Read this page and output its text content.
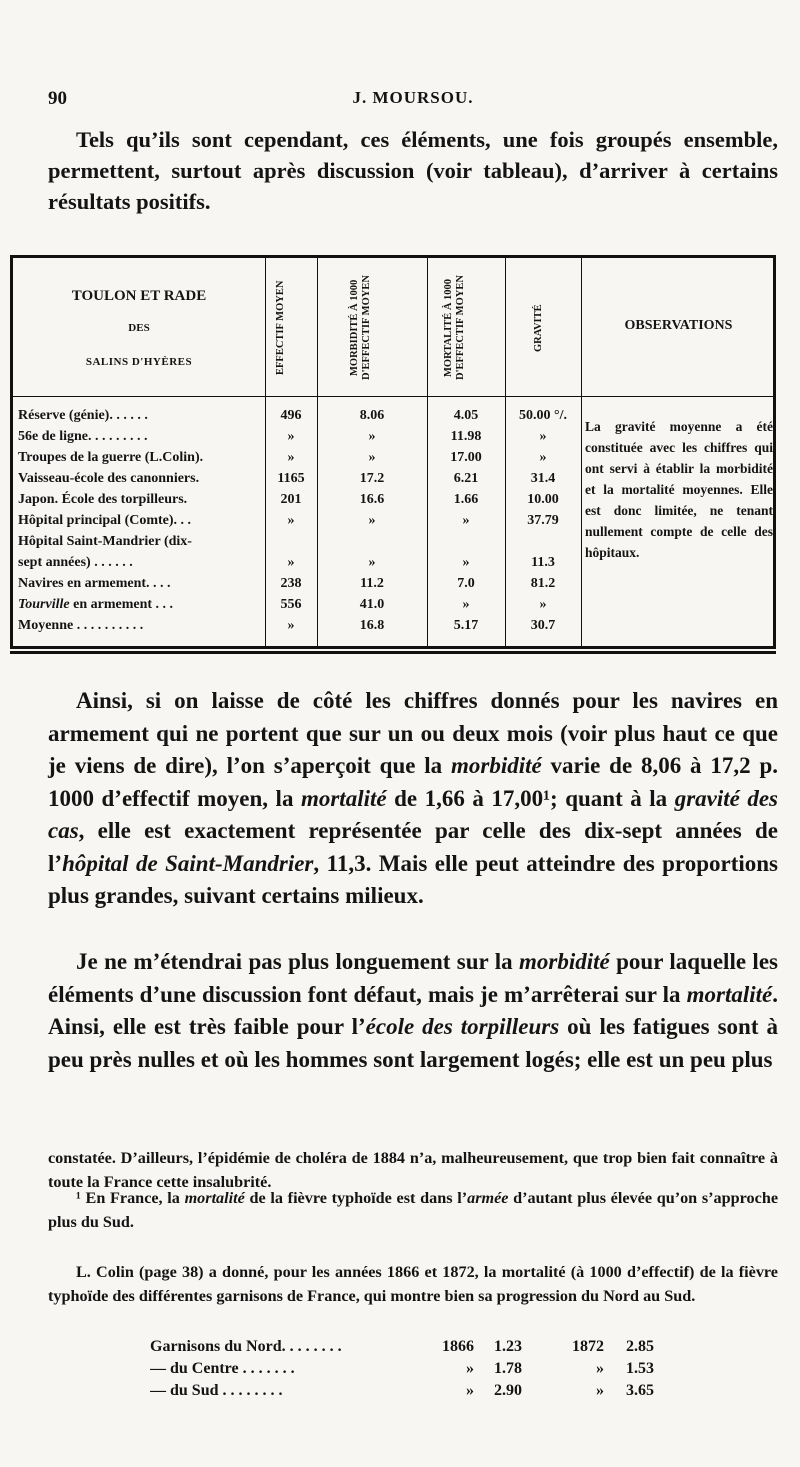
90	J. MOURSOU.
Tels qu’ils sont cependant, ces éléments, une fois groupés ensemble, permettent, surtout après discussion (voir tableau), d’arriver à certains résultats positifs.
TOULON ET RADE
DES
SALINS D'HYÈRES	EFFECTIF MOYEN	MORBIDITÉ À 1000 D'EFFECTIF MOYEN	MORTALITÉ À 1000 D'EFFECTIF MOYEN	GRAVITÉ	OBSERVATIONS
Réserve (génie). . . . . .	496	8.06	4.05	50.00 °/.
56e de ligne. . . . . . . . .	»	»	11.98	»
Troupes de la guerre (L.Colin).	»	»	17.00	»
Vaisseau-école des canonniers.	1165	17.2	6.21	31.4
Japon. École des torpilleurs.	201	16.6	1.66	10.00
Hôpital principal (Comte). . .	»	»	»	37.79
Hôpital Saint-Mandrier (dix-
sept années) . . . . . .	»	»	»	11.3
Navires en armement. . . .	238	11.2	7.0	81.2
Tourville en armement . . .	556	41.0	»	»
Moyenne . . . . . . . . . .	»	16.8	5.17	30.7
La gravité moyenne a été constituée avec les chiffres qui ont servi à établir la morbidité et la mortalité moyennes. Elle est donc limitée, ne tenant nullement compte de celle des hôpitaux.
Ainsi, si on laisse de côté les chiffres donnés pour les navires en armement qui ne portent que sur un ou deux mois (voir plus haut ce que je viens de dire), l’on s’aperçoit que la morbidité varie de 8,06 à 17,2 p. 1000 d’effectif moyen, la mortalité de 1,66 à 17,00¹; quant à la gravité des cas, elle est exactement représentée par celle des dix-sept années de l’hôpital de Saint-Mandrier, 11,3. Mais elle peut atteindre des proportions plus grandes, suivant certains milieux.
Je ne m’étendrai pas plus longuement sur la morbidité pour laquelle les éléments d’une discussion font défaut, mais je m’arrêterai sur la mortalité. Ainsi, elle est très faible pour l’école des torpilleurs où les fatigues sont à peu près nulles et où les hommes sont largement logés; elle est un peu plus
constatée. D’ailleurs, l’épidémie de choléra de 1884 n’a, malheureusement, que trop bien fait connaître à toute la France cette insalubrité.
¹ En France, la mortalité de la fièvre typhoïde est dans l’armée d’autant plus élevée qu’on s’approche plus du Sud.
L. Colin (page 38) a donné, pour les années 1866 et 1872, la mortalité (à 1000 d’effectif) de la fièvre typhoïde des différentes garnisons de France, qui montre bien sa progression du Nord au Sud.
Garnisons du Nord. . . . . . . .	1866	1.23	1872	2.85
— du Centre . . . . . . .	»	1.78	»	1.53
— du Sud . . . . . . . .	»	2.90	»	3.65
